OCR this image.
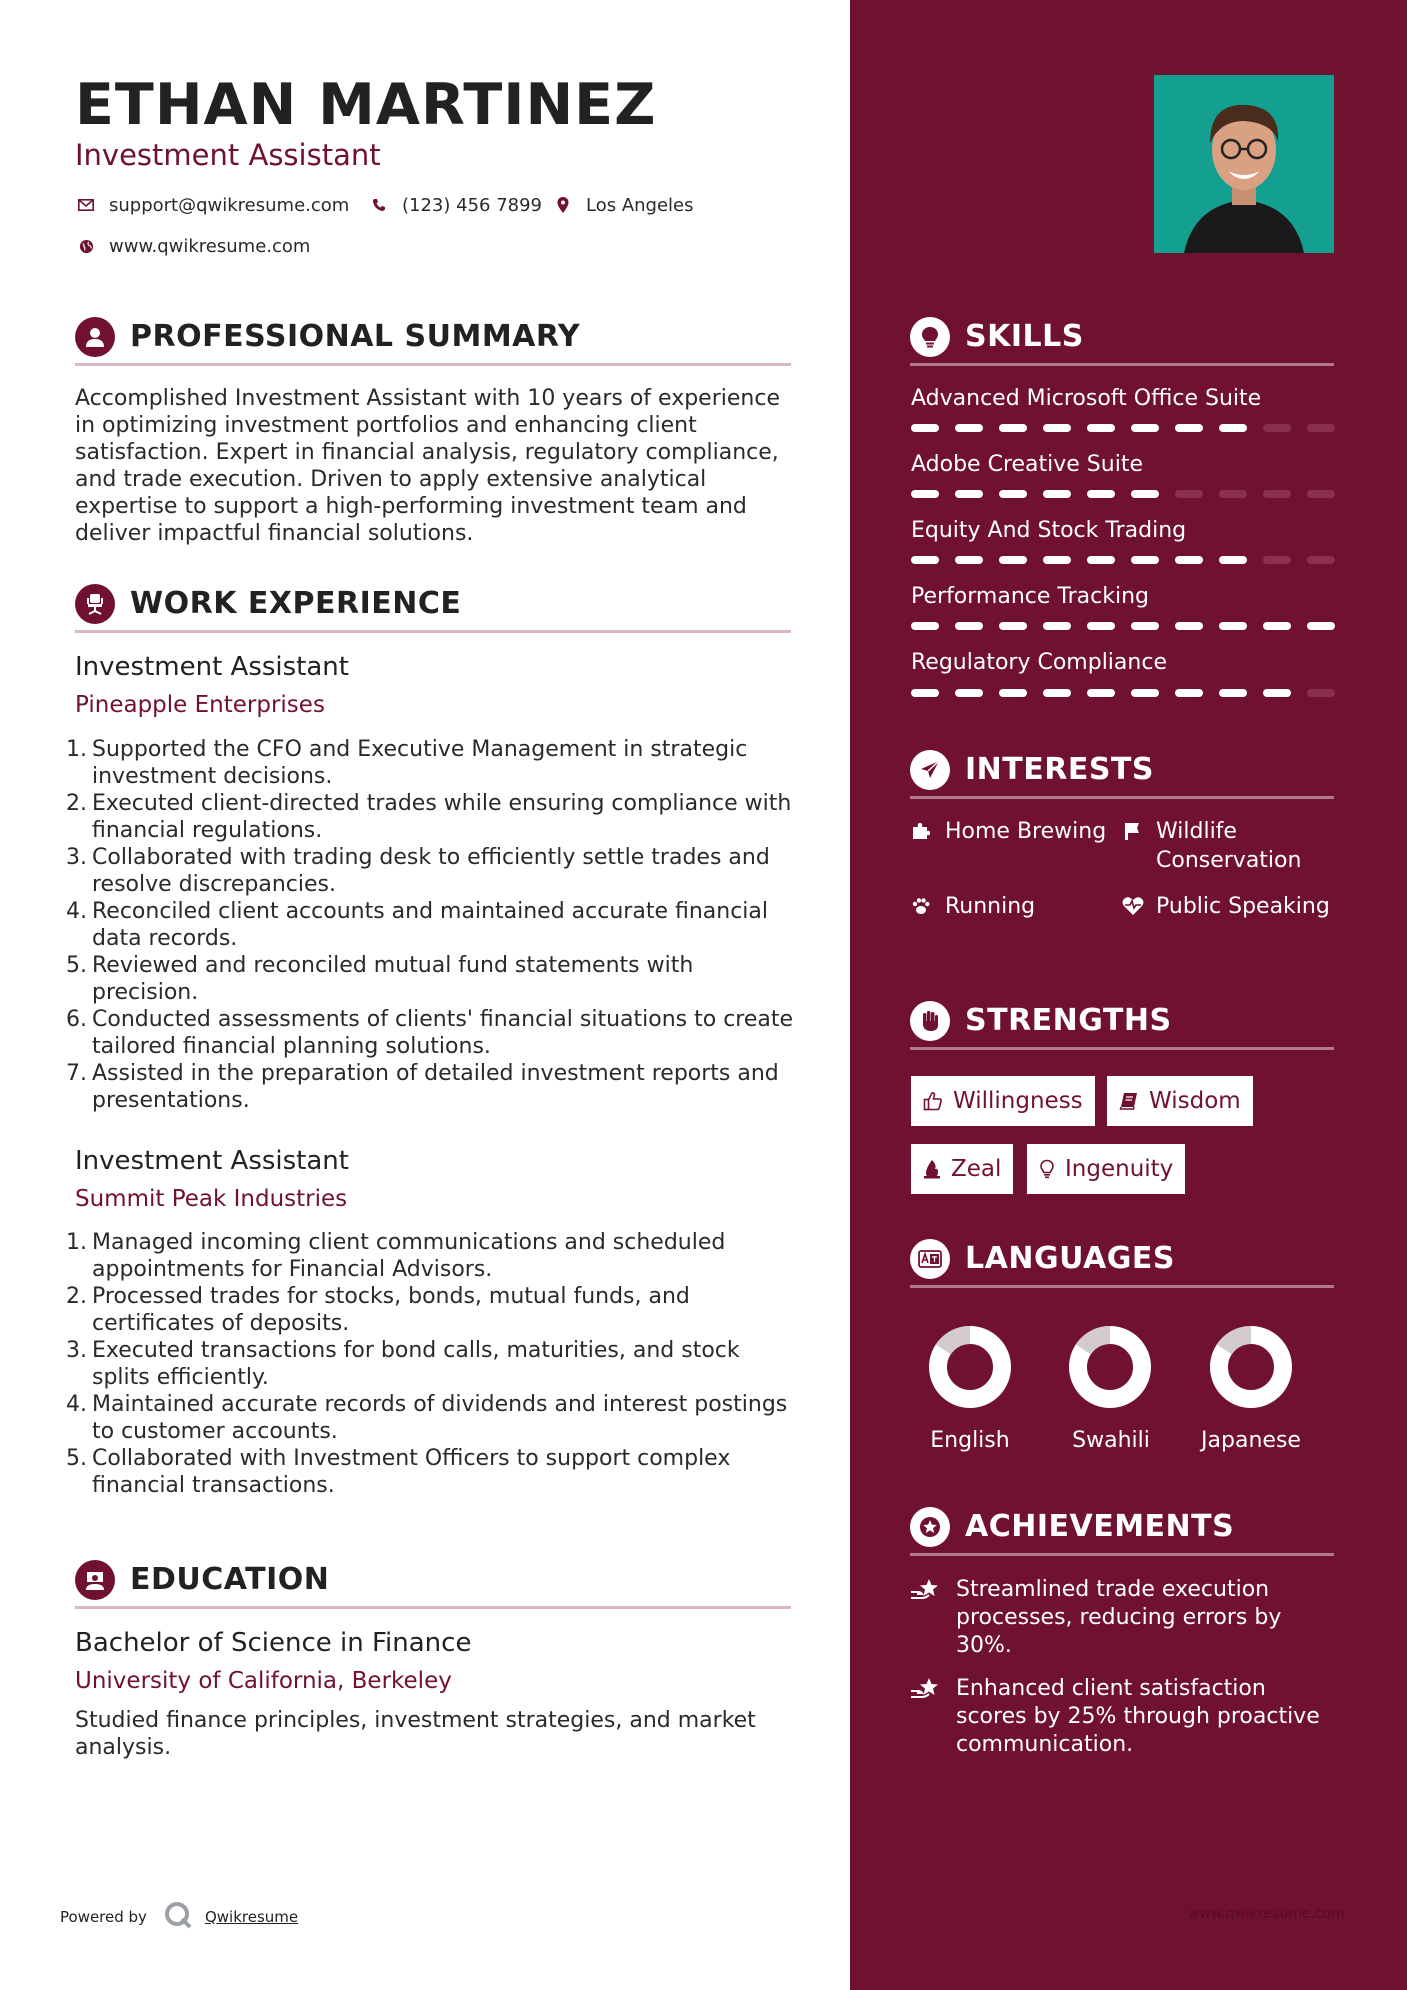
ETHAN MARTINEZ
Investment Assistant
support@qwikresume.com	(123) 456 7899 Los Angeles
www.qwikresume.com
PROFESSIONAL SUMMARY
Accomplished Investment Assistant with 10 years of experience in optimizing investment portfolios and enhancing client satisfaction. Expert in financial analysis, regulatory compliance, and trade execution. Driven to apply extensive analytical expertise to support a high-performing investment team and deliver impactful financial solutions.
WORK EXPERIENCE
Investment Assistant
Pineapple Enterprises
1. Supported the CFO and Executive Management in strategic investment decisions.
2. Executed client-directed trades while ensuring compliance with financial regulations.
3. Collaborated with trading desk to efficiently settle trades and resolve discrepancies.
4. Reconciled client accounts and maintained accurate financial data records.
5. Reviewed and reconciled mutual fund statements with precision.
6. Conducted assessments of clients' financial situations to create tailored financial planning solutions.
7. Assisted in the preparation of detailed investment reports and presentations.
Investment Assistant
Summit Peak Industries
1. Managed incoming client communications and scheduled appointments for Financial Advisors.
2. Processed trades for stocks, bonds, mutual funds, and certificates of deposits.
3. Executed transactions for bond calls, maturities, and stock splits efficiently.
4. Maintained accurate records of dividends and interest postings to customer accounts.
5. Collaborated with Investment Officers to support complex financial transactions.
EDUCATION
Bachelor of Science in Finance
University of California, Berkeley
Studied finance principles, investment strategies, and market analysis.
Powered by	Qwikresume
SKILLS
Advanced Microsoft Office Suite
Adobe Creative Suite
Equity And Stock Trading
Performance Tracking
Regulatory Compliance
INTERESTS
Home Brewing Wildlife Conservation
Running	Public Speaking
STRENGTHS
Willingness	Wisdom
Zeal	Ingenuity
LANGUAGES
English	Swahili	Japanese
ACHIEVEMENTS
Streamlined trade execution processes, reducing errors by 30%.
Enhanced client satisfaction scores by 25% through proactive communication.
www.qwikresume.com
